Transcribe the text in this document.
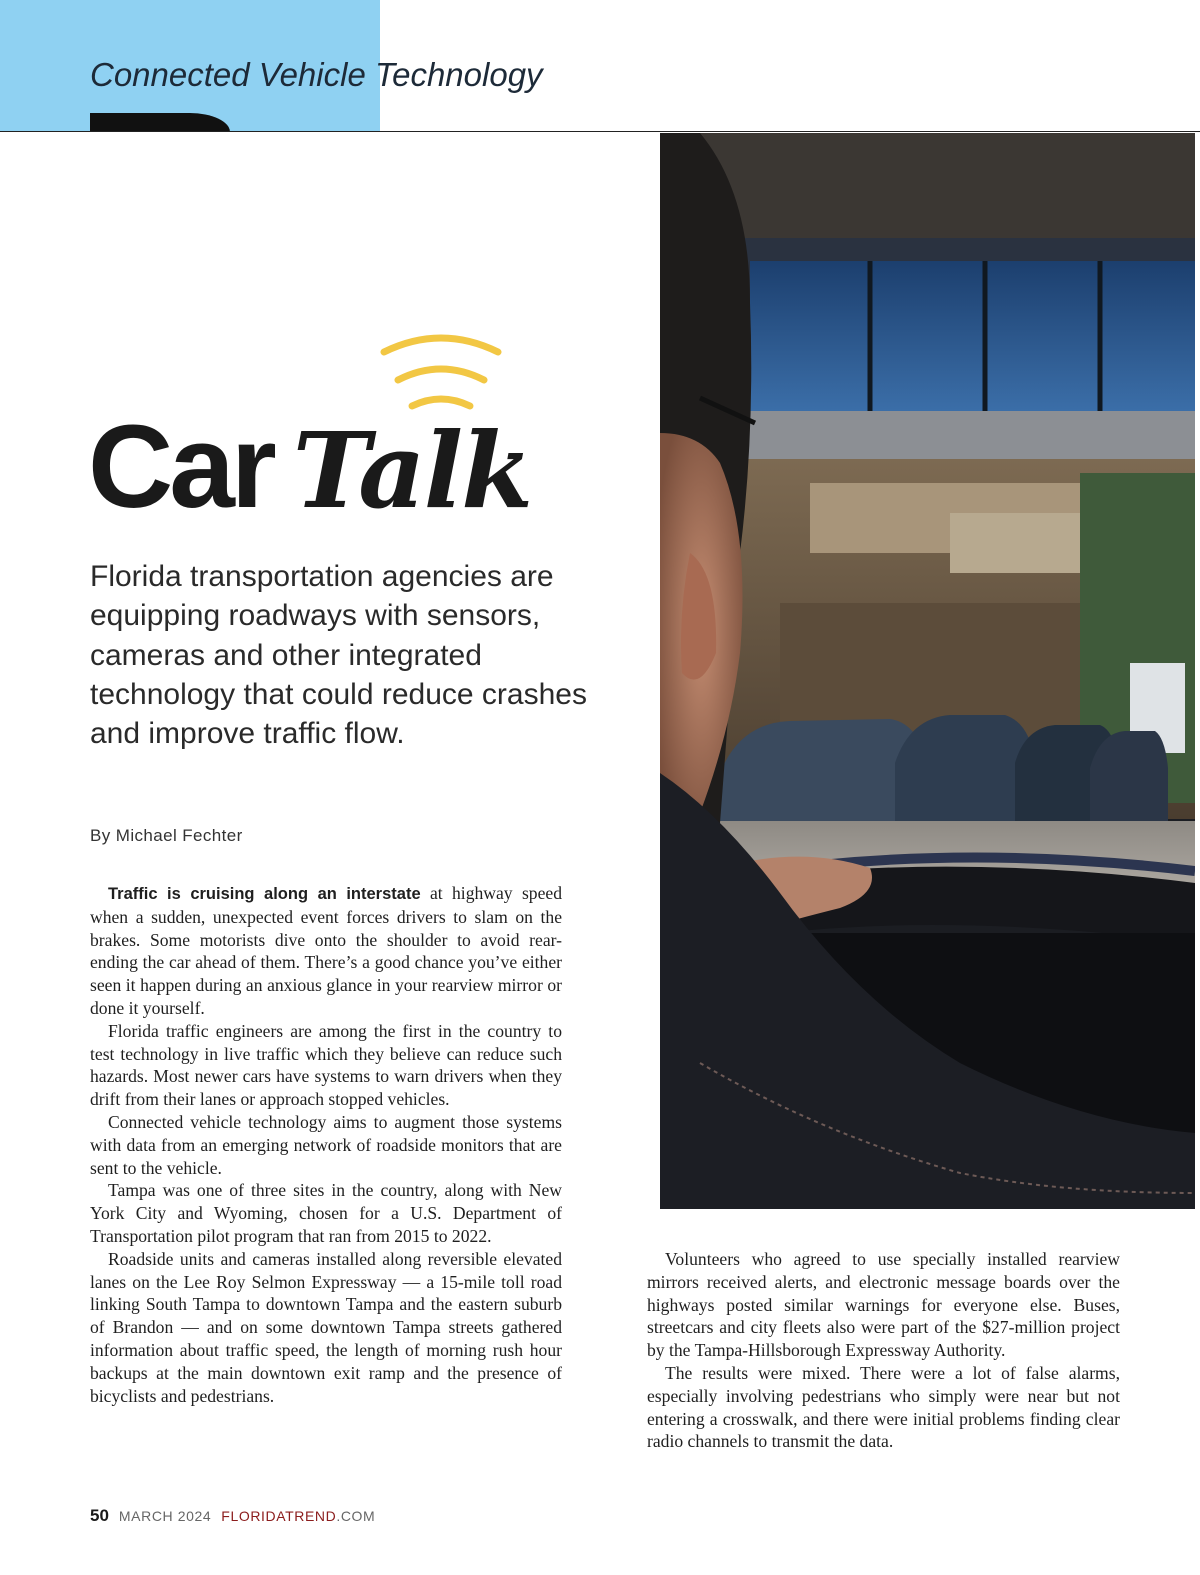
Connected Vehicle Technology
Car Talk
Florida transportation agencies are equipping roadways with sensors, cameras and other integrated technology that could reduce crashes and improve traffic flow.
By Michael Fechter

Traffic is cruising along an interstate at highway speed when a sudden, unexpected event forces drivers to slam on the brakes. Some motorists dive onto the shoulder to avoid rear-ending the car ahead of them. There’s a good chance you’ve either seen it happen during an anxious glance in your rearview mirror or done it yourself.

Florida traffic engineers are among the first in the country to test technology in live traffic which they believe can reduce such hazards. Most newer cars have systems to warn drivers when they drift from their lanes or approach stopped vehicles.

Connected vehicle technology aims to augment those systems with data from an emerging network of roadside monitors that are sent to the vehicle.

Tampa was one of three sites in the country, along with New York City and Wyoming, chosen for a U.S. Department of Transportation pilot program that ran from 2015 to 2022.

Roadside units and cameras installed along reversible elevated lanes on the Lee Roy Selmon Expressway — a 15-mile toll road linking South Tampa to downtown Tampa and the eastern suburb of Brandon — and on some downtown Tampa streets gathered information about traffic speed, the length of morning rush hour backups at the main downtown exit ramp and the presence of bicyclists and pedestrians.

Volunteers who agreed to use specially installed rearview mirrors received alerts, and electronic message boards over the highways posted similar warnings for everyone else. Buses, streetcars and city fleets also were part of the $27-million project by the Tampa-Hillsborough Expressway Authority.

The results were mixed. There were a lot of false alarms, especially involving pedestrians who simply were near but not entering a crosswalk, and there were initial problems finding clear radio channels to transmit the data.

50 MARCH 2024 FLORIDATREND.COM
